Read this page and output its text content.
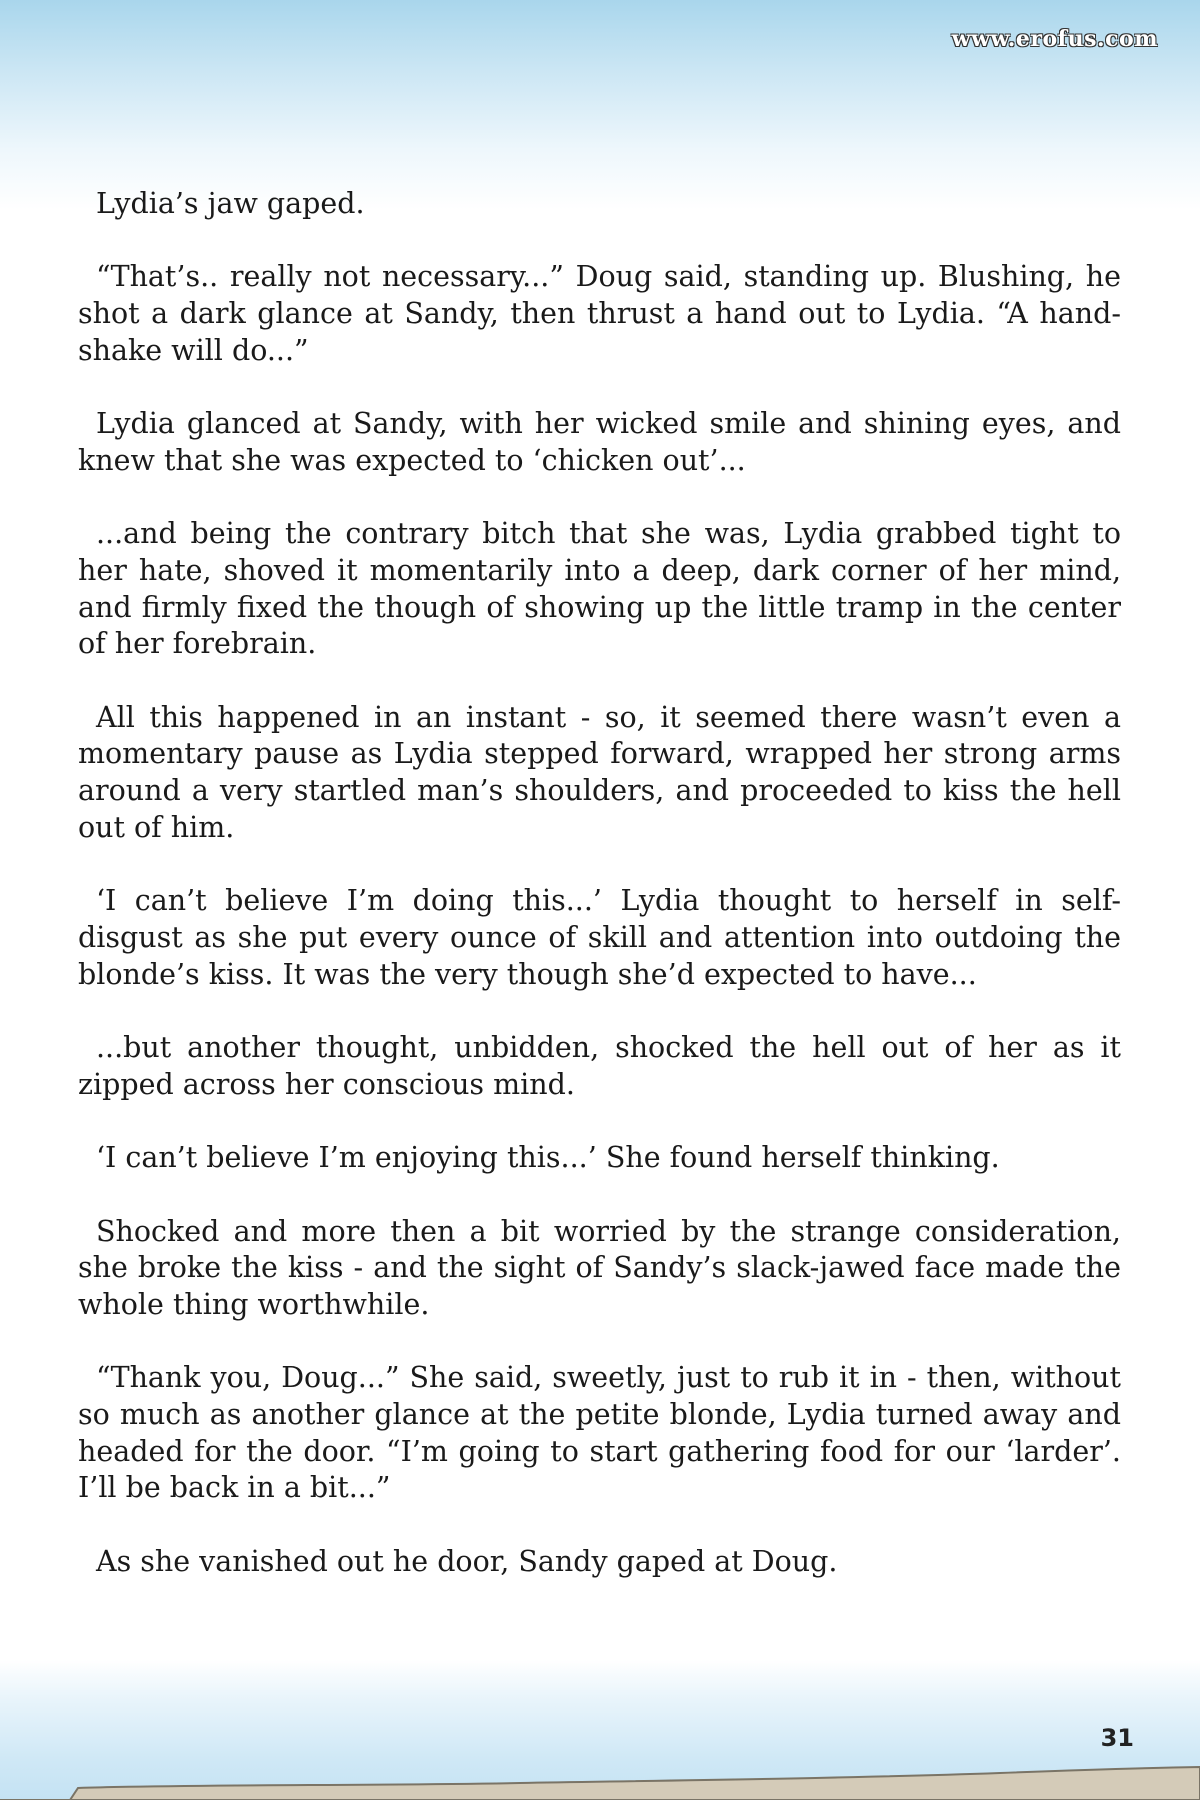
www.erofus.com

Lydia’s jaw gaped.

“That’s.. really not necessary...” Doug said, standing up. Blushing, he shot a dark glance at Sandy, then thrust a hand out to Lydia. “A hand-shake will do...”

Lydia glanced at Sandy, with her wicked smile and shining eyes, and knew that she was expected to ‘chicken out’...

...and being the contrary bitch that she was, Lydia grabbed tight to her hate, shoved it momentarily into a deep, dark corner of her mind, and firmly fixed the though of showing up the little tramp in the center of her forebrain.

All this happened in an instant - so, it seemed there wasn’t even a momentary pause as Lydia stepped forward, wrapped her strong arms around a very startled man’s shoulders, and proceeded to kiss the hell out of him.

‘I can’t believe I’m doing this...’ Lydia thought to herself in self-disgust as she put every ounce of skill and attention into outdoing the blonde’s kiss. It was the very though she’d expected to have...

...but another thought, unbidden, shocked the hell out of her as it zipped across her conscious mind.

‘I can’t believe I’m enjoying this...’ She found herself thinking.

Shocked and more then a bit worried by the strange consideration, she broke the kiss - and the sight of Sandy’s slack-jawed face made the whole thing worthwhile.

“Thank you, Doug...” She said, sweetly, just to rub it in - then, without so much as another glance at the petite blonde, Lydia turned away and headed for the door. “I’m going to start gathering food for our ‘larder’. I’ll be back in a bit...”

As she vanished out he door, Sandy gaped at Doug.

31
